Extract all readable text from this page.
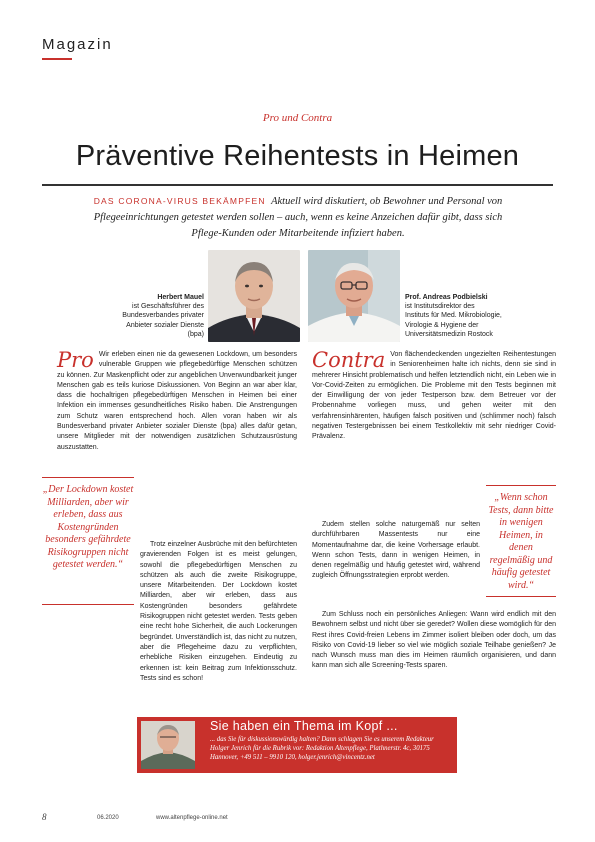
Magazin
Pro und Contra
Präventive Reihentests in Heimen
DAS CORONA-VIRUS BEKÄMPFEN Aktuell wird diskutiert, ob Bewohner und Personal von Pflegeeinrichtungen getestet werden sollen – auch, wenn es keine Anzeichen dafür gibt, dass sich Pflege-Kunden oder Mitarbeitende infiziert haben.
Herbert Mauel
ist Geschäftsführer des
Bundesverbandes privater
Anbieter sozialer Dienste
(bpa)
Prof. Andreas Podbielski
ist Institutsdirektor des
Instituts für Med. Mikrobiologie,
Virologie & Hygiene der
Universitätsmedizin Rostock
Pro Wir erleben einen nie da gewesenen Lockdown, um besonders vulnerable Gruppen wie pflegebedürftige Menschen schützen zu können. Zur Maskenpflicht oder zur angeblichen Unverwundbarkeit junger Menschen gab es teils kuriose Diskussionen. Von Beginn an war aber klar, dass die hochaltrigen pflegebedürftigen Menschen in Heimen bei einer Infektion ein immenses gesundheitliches Risiko haben. Die Anstrengungen zum Schutz waren entsprechend hoch. Allen voran haben wir als Bundesverband privater Anbieter sozialer Dienste (bpa) alles dafür getan, unsere Mitglieder mit der notwendigen zusätzlichen Schutzausrüstung auszustatten.

Trotz einzelner Ausbrüche mit den befürchteten gravierenden Folgen ist es meist gelungen, sowohl die pflegebedürftigen Menschen zu schützen als auch die zweite Risikogruppe, unsere Mitarbeitenden. Der Lockdown kostet Milliarden, aber wir erleben, dass aus Kostengründen besonders gefährdete Risikogruppen nicht getestet werden. Tests geben eine recht hohe Sicherheit, die auch Lockerungen begründet. Unverständlich ist, das nicht zu nutzen, aber die Pflegeheime dazu zu verpflichten, erhebliche Risiken einzugehen. Eindeutig zu erkennen ist: kein Beitrag zum Infektionsschutz. Tests sind es schon!

„Der Lockdown kostet Milliarden, aber wir erleben, dass aus Kostengründen besonders gefährdete Risikogruppen nicht getestet werden.“
Contra Von flächendeckenden ungezielten Reihentestungen in Seniorenheimen halte ich nichts, denn sie sind in mehrerer Hinsicht problematisch und helfen letztendlich nicht, ein Leben wie in Vor-Covid-Zeiten zu ermöglichen. Die Probleme mit den Tests beginnen mit der Einwilligung der von jeder Testperson bzw. dem Betreuer vor der Probennahme vorliegen muss, und gehen weiter mit den verfahrensinhärenten, häufigen falsch positiven und (schlimmer noch) falsch negativen Testergebnissen bei einem Testkollektiv mit sehr niedriger Covid-Prävalenz.

Zudem stellen solche naturgemäß nur selten durchführbaren Massentests nur eine Momentaufnahme dar, die keine Vorhersage erlaubt. Wenn schon Tests, dann in wenigen Heimen, in denen regelmäßig und häufig getestet wird, während zugleich Öffnungsstrategien erprobt werden.

Zum Schluss noch ein persönliches Anliegen: Wann wird endlich mit den Bewohnern selbst und nicht über sie geredet? Wollen diese womöglich für den Rest ihres Covid-freien Lebens im Zimmer isoliert bleiben oder doch, um das Risiko von Covid-19 lieber so viel wie möglich soziale Teilhabe genießen? Je nach Wunsch muss man dies im Heimen räumlich organisieren, und dann kann man sich alle Screening-Tests sparen.

„Wenn schon Tests, dann bitte in wenigen Heimen, in denen regelmäßig und häufig getestet wird.“
Sie haben ein Thema im Kopf ...
... das Sie für diskussionswürdig halten? Dann schlagen Sie es unserem Redakteur Holger Jenrich für die Rubrik vor: Redaktion Altenpflege, Plathnerstr. 4c, 30175 Hannover, +49 511 – 9910 120, holger.jenrich@vincentz.net
8	06.2020	www.altenpflege-online.net
